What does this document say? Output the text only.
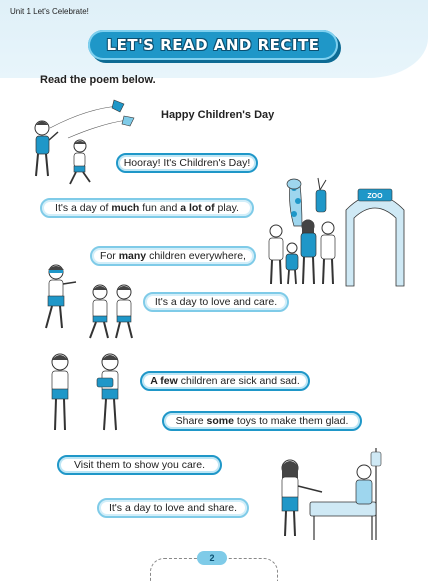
Unit 1 Let's Celebrate!
LET'S READ AND RECITE
Read the poem below.
Happy Children's Day
Hooray! It's Children's Day!
It's a day of much fun and a lot of play.
For many children everywhere,
It's a day to love and care.
A few children are sick and sad.
Share some toys to make them glad.
Visit them to show you care.
It's a day to love and share.
ZOO
2
